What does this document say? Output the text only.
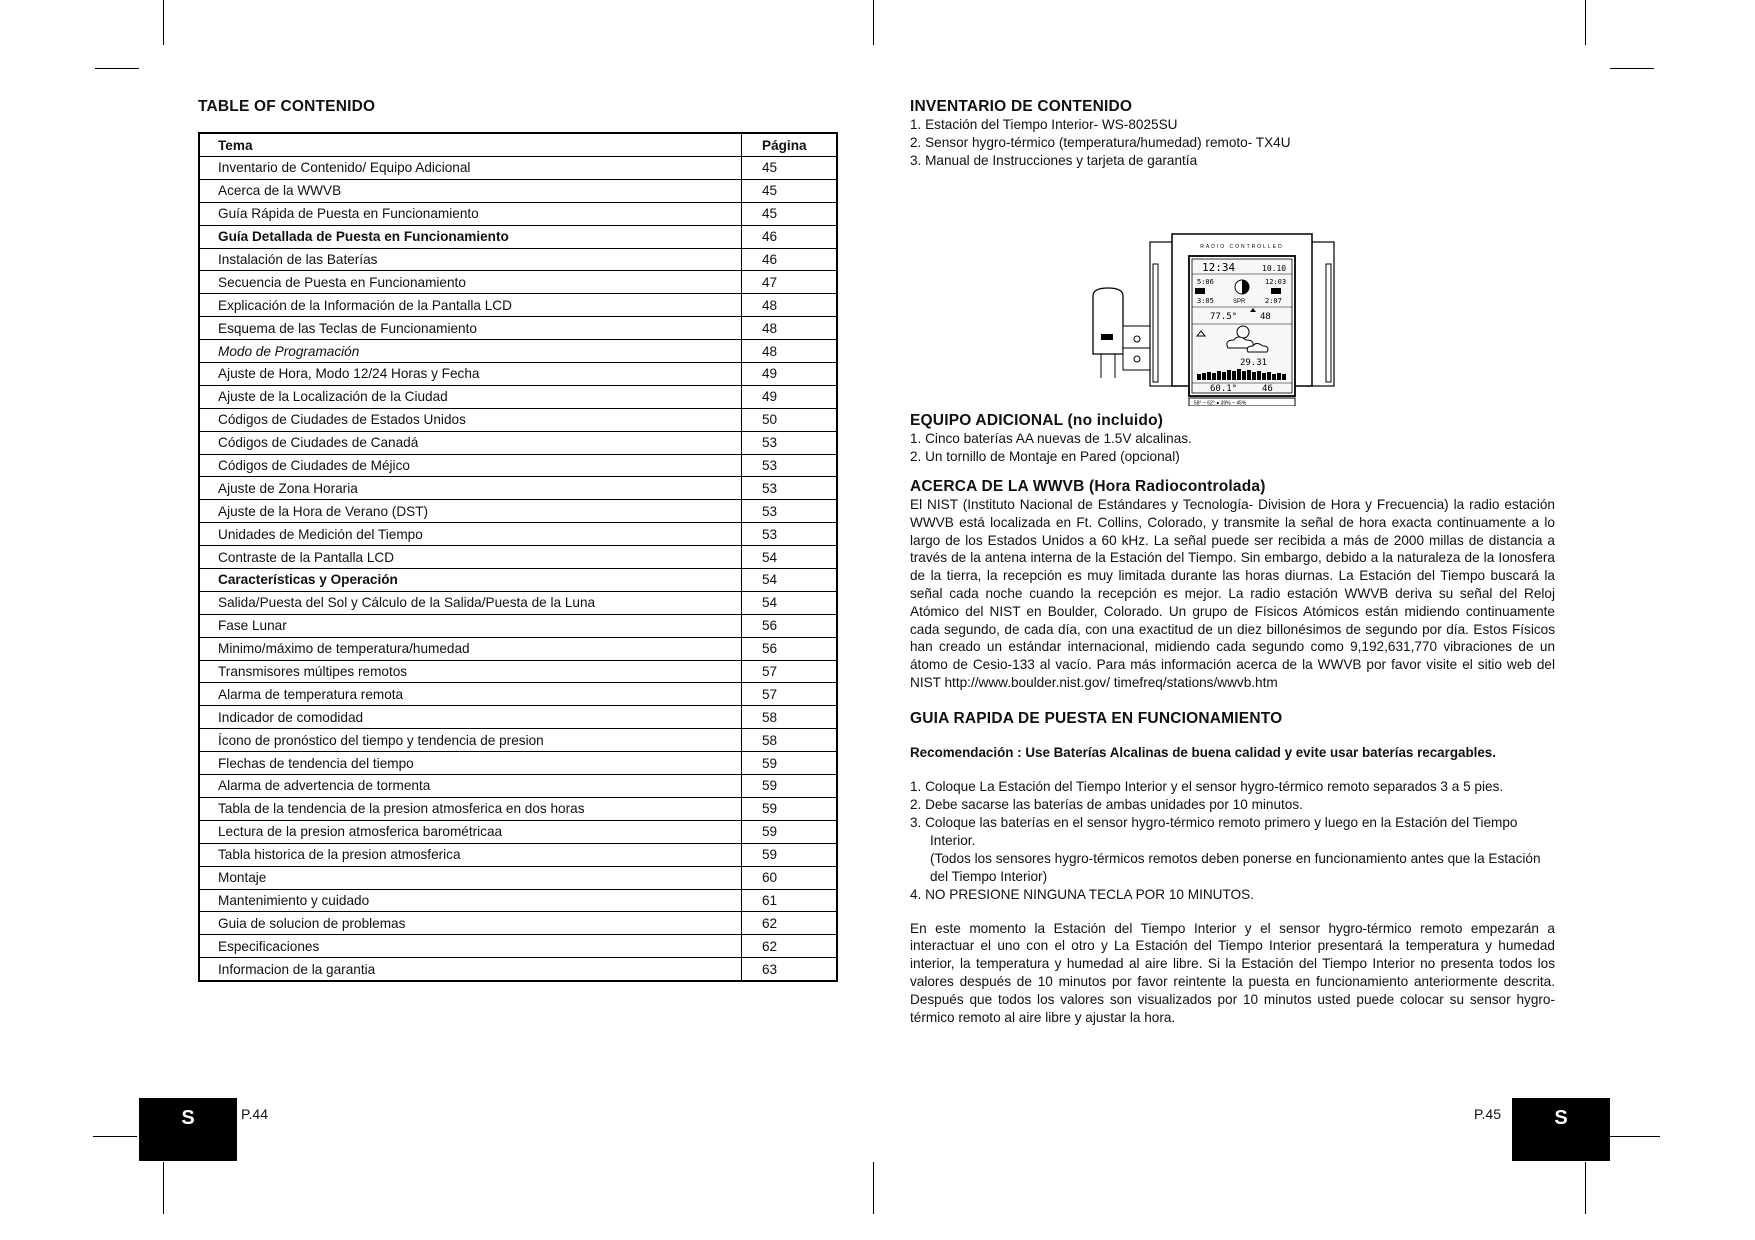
TABLE OF CONTENIDO
Tema	Página
Inventario de Contenido/ Equipo Adicional	45
Acerca de la WWVB	45
Guía Rápida de Puesta en Funcionamiento	45
Guía Detallada de Puesta en Funcionamiento	46
Instalación de las Baterías	46
Secuencia de Puesta en Funcionamiento	47
Explicación de la Información de la Pantalla LCD	48
Esquema de las Teclas de Funcionamiento	48
Modo de Programación	48
Ajuste de Hora, Modo 12/24 Horas y Fecha	49
Ajuste de la Localización de la Ciudad	49
Códigos de Ciudades de Estados Unidos	50
Códigos de Ciudades de Canadá	53
Códigos de Ciudades de Méjico	53
Ajuste de Zona Horaria	53
Ajuste de la Hora de Verano (DST)	53
Unidades de Medición del Tiempo	53
Contraste de la Pantalla LCD	54
Características y Operación	54
Salida/Puesta del Sol y Cálculo de la Salida/Puesta de la Luna	54
Fase Lunar	56
Minimo/máximo de temperatura/humedad	56
Transmisores múltipes remotos	57
Alarma de temperatura remota	57
Indicador de comodidad	58
Ícono de pronóstico del tiempo y tendencia de presion	58
Flechas de tendencia del tiempo	59
Alarma de advertencia de tormenta	59
Tabla de la tendencia de la presion atmosferica en dos horas	59
Lectura de la presion atmosferica barométricaa	59
Tabla historica de la presion atmosferica	59
Montaje	60
Mantenimiento y cuidado	61
Guia de solucion de problemas	62
Especificaciones	62
Informacion de la garantia	63
S	P.44
INVENTARIO DE CONTENIDO
1. Estación del Tiempo Interior- WS-8025SU
2. Sensor hygro-térmico (temperatura/humedad) remoto- TX4U
3. Manual de Instrucciones y tarjeta de garantía
RADIO CONTROLLED
12:34	10.10
5:06	12:03
3:05	SPR	2:07
77.5°	48
29.31
60.1°	46
58° ~ 62° ● 39% ~ 45%
EQUIPO ADICIONAL (no incluido)
1. Cinco baterías AA nuevas de 1.5V alcalinas.
2. Un tornillo de Montaje en Pared (opcional)
ACERCA DE LA WWVB (Hora Radiocontrolada)

El NIST (Instituto Nacional de Estándares y Tecnología- Division de Hora y Frecuencia) la radio estación WWVB está localizada en Ft. Collins, Colorado, y transmite la señal de hora exacta continuamente a lo largo de los Estados Unidos a 60 kHz. La señal puede ser recibida a más de 2000 millas de distancia a través de la antena interna de la Estación del Tiempo. Sin embargo, debido a la naturaleza de la Ionosfera de la tierra, la recepción es muy limitada durante las horas diurnas. La Estación del Tiempo buscará la señal cada noche cuando la recepción es mejor. La radio estación WWVB deriva su señal del Reloj Atómico del NIST en Boulder, Colorado. Un grupo de Físicos Atómicos están midiendo continuamente cada segundo, de cada día, con una exactitud de un diez billonésimos de segundo por día. Estos Físicos han creado un estándar internacional, midiendo cada segundo como 9,192,631,770 vibraciones de un átomo de Cesio-133 al vacío. Para más información acerca de la WWVB por favor visite el sitio web del NIST http://www.boulder.nist.gov/ timefreq/stations/wwvb.htm

GUIA RAPIDA DE PUESTA EN FUNCIONAMIENTO

Recomendación : Use Baterías Alcalinas de buena calidad y evite usar baterías recargables.

1. Coloque La Estación del Tiempo Interior y el sensor hygro-térmico remoto separados 3 a 5 pies.
2. Debe sacarse las baterías de ambas unidades por 10 minutos.
3. Coloque las baterías en el sensor hygro-térmico remoto primero y luego en la Estación del Tiempo Interior.
(Todos los sensores hygro-térmicos remotos deben ponerse en funcionamiento antes que la Estación del Tiempo Interior)
4. NO PRESIONE NINGUNA TECLA POR 10 MINUTOS.

En este momento la Estación del Tiempo Interior y el sensor hygro-térmico remoto empezarán a interactuar el uno con el otro y La Estación del Tiempo Interior presentará la temperatura y humedad interior, la temperatura y humedad al aire libre. Si la Estación del Tiempo Interior no presenta todos los valores después de 10 minutos por favor reintente la puesta en funcionamiento anteriormente descrita. Después que todos los valores son visualizados por 10 minutos usted puede colocar su sensor hygro-térmico remoto al aire libre y ajustar la hora.

P.45	S
